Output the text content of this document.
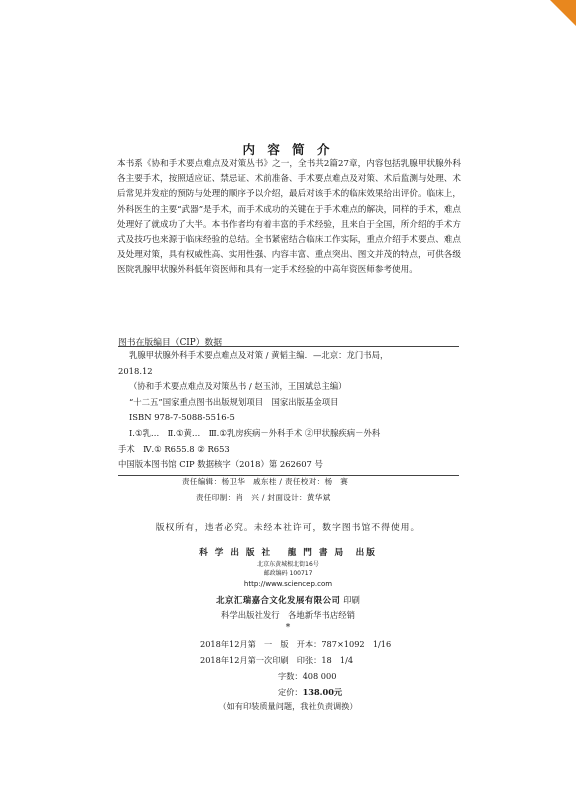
内 容 简 介

本书系《协和手术要点难点及对策丛书》之一，全书共2篇27章，内容包括乳腺甲状腺外科各主要手术，按照适应证、禁忌证、术前准备、手术要点难点及对策、术后监测与处理、术后常见并发症的预防与处理的顺序予以介绍，最后对该手术的临床效果给出评价。临床上，外科医生的主要“武器”是手术，而手术成功的关键在于手术难点的解决，同样的手术，难点处理好了就成功了大半。本书作者均有着丰富的手术经验，且来自于全国，所介绍的手术方式及技巧也来源于临床经验的总结。全书紧密结合临床工作实际，重点介绍手术要点、难点及处理对策，具有权威性高、实用性强、内容丰富、重点突出、图文并茂的特点，可供各级医院乳腺甲状腺外科低年资医师和具有一定手术经验的中高年资医师参考使用。

图书在版编目（CIP）数据
乳腺甲状腺外科手术要点难点及对策 / 黄韬主编．—北京：龙门书局，
2018.12
（协和手术要点难点及对策丛书 / 赵玉沛，王国斌总主编）
“十二五”国家重点图书出版规划项目　国家出版基金项目
ISBN 978-7-5088-5516-5
Ⅰ.①乳…　Ⅱ.①黄…　Ⅲ.①乳房疾病－外科手术 ②甲状腺疾病－外科
手术　Ⅳ.① R655.8 ② R653
中国版本图书馆 CIP 数据核字（2018）第 262607 号
责任编辑：杨卫华　戚东桂 / 责任校对：杨　赛
责任印制：肖　兴 / 封面设计：黄华斌
版权所有，违者必究。未经本社许可，数字图书馆不得使用。
科 学 出 版 社　 龍 門 書 局　出版
北京东黄城根北街16号
邮政编码 100717
http://www.sciencep.com
北京汇瑞嘉合文化发展有限公司 印刷
科学出版社发行　各地新华书店经销
*
2018年12月第　一　版　开本：787×1092　1/16
2018年12月第一次印刷　印张：18　1/4
字数：408 000
定价：138.00元
（如有印装质量问题，我社负责调换）
